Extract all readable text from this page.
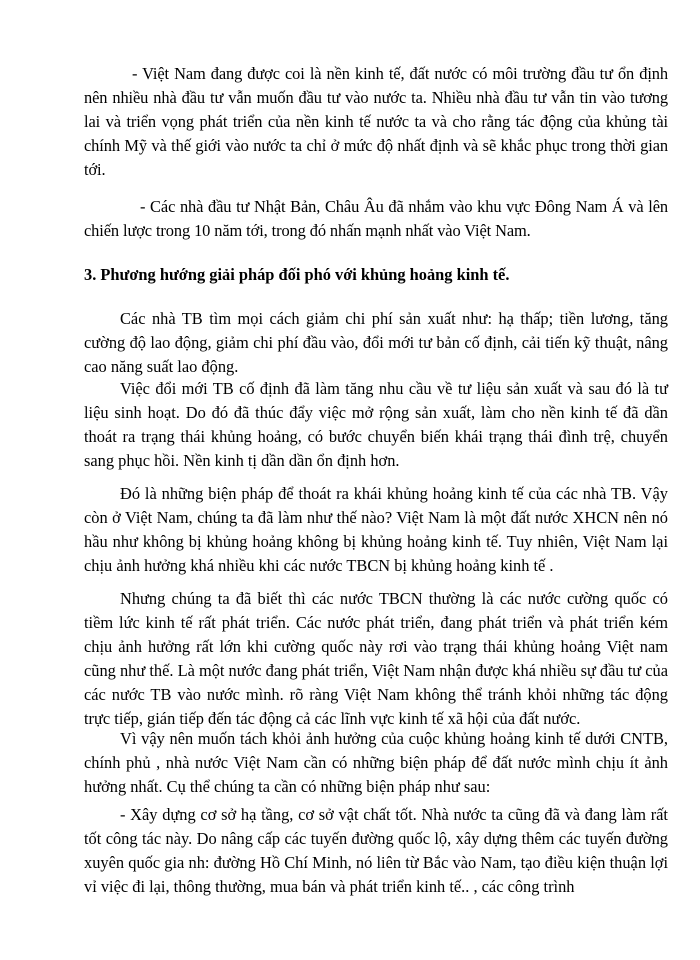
- Việt Nam đang được coi là nền kinh tế, đất nước có môi trường đầu tư ổn định nên nhiều nhà đầu tư vẫn muốn đầu tư vào nước ta. Nhiều nhà đầu tư vẫn tin vào tương lai và triển vọng phát triển của nền kinh tế nước ta và cho rằng tác động của khủng tài chính Mỹ và thế giới vào nước ta chỉ ở mức độ nhất định và sẽ khắc phục trong thời gian tới.

- Các nhà đầu tư Nhật Bản, Châu Âu đã nhắm vào khu vực Đông Nam Á và lên chiến lược trong 10 năm tới, trong đó nhấn mạnh nhất vào Việt Nam.

3. Phương hướng giải pháp đối phó với khủng hoảng kinh tế.

Các nhà TB tìm mọi cách giảm chi phí sản xuất như: hạ thấp; tiền lương, tăng cường độ lao động, giảm chi phí đầu vào, đổi mới tư bản cố định, cải tiến kỹ thuật, nâng cao năng suất lao động.

Việc đổi mới TB cố định đã làm tăng nhu cầu về tư liệu sản xuất và sau đó là tư liệu sinh hoạt. Do đó đã thúc đẩy việc mở rộng sản xuất, làm cho nền kinh tế đã dần thoát ra trạng thái khủng hoảng, có bước chuyển biến khái trạng thái đình trệ, chuyển sang phục hồi. Nền kinh tị dần dần ổn định hơn.

Đó là những biện pháp để thoát ra khái khủng hoảng kinh tế của các nhà TB. Vậy còn ở Việt Nam, chúng ta đã làm như thế nào? Việt Nam là một đất nước XHCN nên nó hầu như không bị khủng hoảng không bị khủng hoảng kinh tế. Tuy nhiên, Việt Nam lại chịu ảnh hưởng khá nhiều khi các nước TBCN bị khủng hoảng kinh tế .

Nhưng chúng ta đã biết thì các nước TBCN thường là các nước cường quốc có tiềm lức kinh tế rất phát triển. Các nước phát triển, đang phát triển và phát triển kém chịu ảnh hưởng rất lớn khi cường quốc này rơi vào trạng thái khủng hoảng Việt nam cũng như thế. Là một nước đang phát triển, Việt Nam nhận được khá nhiều sự đầu tư của các nước TB vào nước mình. rõ ràng Việt Nam không thể tránh khỏi những tác động trực tiếp, gián tiếp đến tác động cả các lĩnh vực kinh tế xã hội của đất nước.

Vì vậy nên muốn tách khỏi ảnh hưởng của cuộc khủng hoảng kinh tế dưới CNTB, chính phủ , nhà nước Việt Nam cần có những biện pháp để đất nước mình chịu ít ảnh hưởng nhất. Cụ thể chúng ta cần có những biện pháp như sau:

- Xây dựng cơ sở hạ tầng, cơ sở vật chất tốt. Nhà nước ta cũng đã và đang làm rất tốt công tác này. Do nâng cấp các tuyến đường quốc lộ, xây dựng thêm các tuyến đường xuyên quốc gia nh: đường Hồ Chí Minh, nó liên từ Bắc vào Nam, tạo điều kiện thuận lợi vỉ việc đi lại, thông thường, mua bán và phát triển kinh tế.. , các công trình
